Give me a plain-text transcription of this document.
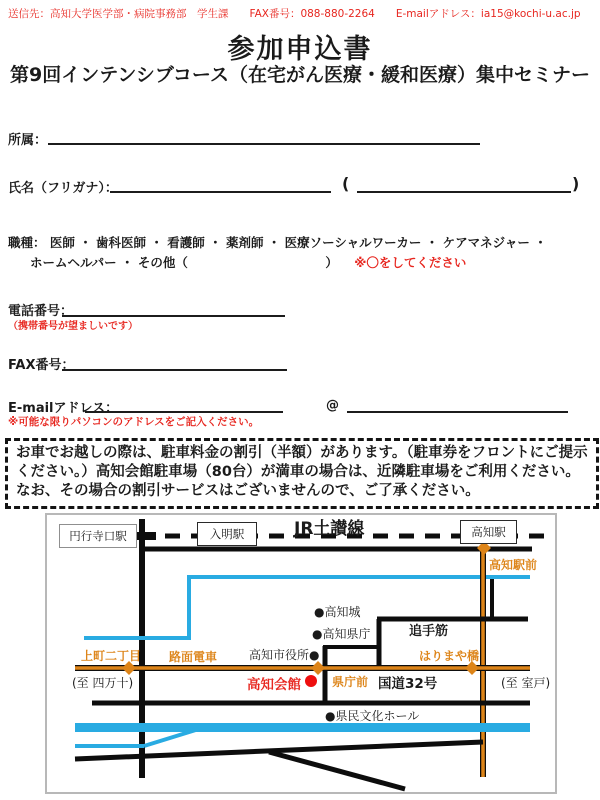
送信先：高知大学医学部・病院事務部　学生課　　FAX番号：088-880-2264　　E-mailアドレス：ia15@kochi-u.ac.jp
参加申込書
第9回インテンシブコース（在宅がん医療・緩和医療）集中セミナー
所属：
氏名（フリガナ）：	(	)
職種： 医師 ・ 歯科医師 ・ 看護師 ・ 薬剤師 ・ 医療ソーシャルワーカー ・ ケアマネジャー ・
ホームヘルパー ・ その他（　　　　　　　　　　　） ※〇をしてください
電話番号：
（携帯番号が望ましいです）
FAX番号：
E-mailアドレス：	@
※可能な限りパソコンのアドレスをご記入ください。
お車でお越しの際は、駐車料金の割引（半額）があります。（駐車券をフロントにご提示
ください。）高知会館駐車場（80台）が満車の場合は、近隣駐車場をご利用ください。
なお、その場合の割引サービスはございませんので、ご了承ください。
JR土讃線
円行寺口駅	入明駅	高知駅
高知駅前
●高知城
●高知県庁	追手筋
高知市役所●	はりまや橋
上町二丁目 路面電車
(至 四万十)	高知会館	県庁前 国道32号	(至 室戸)
●県民文化ホール
